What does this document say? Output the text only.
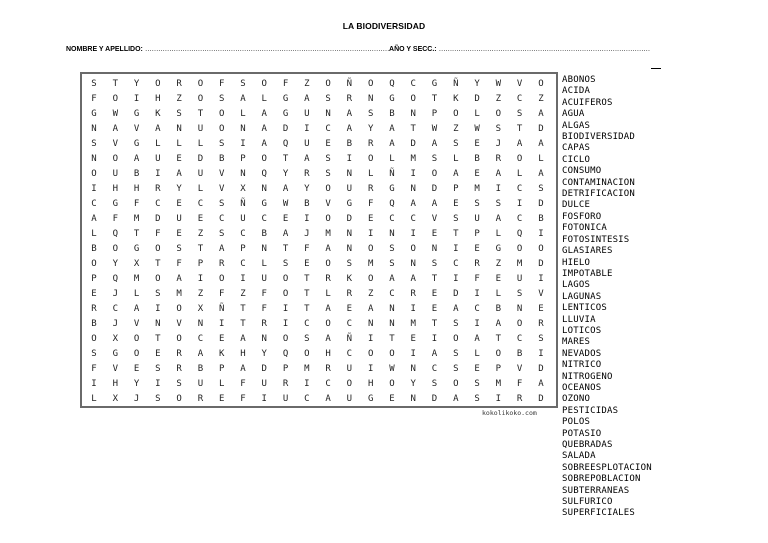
LA BIODIVERSIDAD
NOMBRE Y APELLIDO: …………………………………………………………………………………………………AÑO Y SECC.: ……………………………………………………………………………………
S	T	Y	O	R	O	F	S	O	F	Z	O	Ñ	O	Q	C	G	Ñ	Y	W	V	O
F	O	I	H	Z	O	S	A	L	G	A	S	R	N	G	O	T	K	D	Z	C	Z
G	W	G	K	S	T	O	L	A	G	U	N	A	S	B	N	P	O	L	O	S	A
N	A	V	A	N	U	O	N	A	D	I	C	A	Y	A	T	W	Z	W	S	T	D
S	V	G	L	L	L	S	I	A	Q	U	E	B	R	A	D	A	S	E	J	A	A
N	O	A	U	E	D	B	P	O	T	A	S	I	O	L	M	S	L	B	R	O	L
O	U	B	I	A	U	V	N	Q	Y	R	S	N	L	Ñ	I	O	A	E	A	L	A
I	H	H	R	Y	L	V	X	N	A	Y	O	U	R	G	N	D	P	M	I	C	S
C	G	F	C	E	C	S	Ñ	G	W	B	V	G	F	Q	A	A	E	S	S	I	D
A	F	M	D	U	E	C	U	C	E	I	O	D	E	C	C	V	S	U	A	C	B
L	Q	T	F	E	Z	S	C	B	A	J	M	N	I	N	I	E	T	P	L	Q	I
B	O	G	O	S	T	A	P	N	T	F	A	N	O	S	O	N	I	E	G	O	O
O	Y	X	T	F	P	R	C	L	S	E	O	S	M	S	N	S	C	R	Z	M	D
P	Q	M	O	A	I	O	I	U	O	T	R	K	O	A	A	T	I	F	E	U	I
E	J	L	S	M	Z	F	Z	F	O	T	L	R	Z	C	R	E	D	I	L	S	V
R	C	A	I	O	X	Ñ	T	F	I	T	A	E	A	N	I	E	A	C	B	N	E
B	J	V	N	V	N	I	T	R	I	C	O	C	N	N	M	T	S	I	A	O	R
O	X	O	T	O	C	E	A	N	O	S	A	Ñ	I	T	E	I	O	A	T	C	S
S	G	O	E	R	A	K	H	Y	Q	O	H	C	O	O	I	A	S	L	O	B	I
F	V	E	S	R	B	P	A	D	P	M	R	U	I	W	N	C	S	E	P	V	D
I	H	Y	I	S	U	L	F	U	R	I	C	O	H	O	Y	S	O	S	M	F	A
L	X	J	S	O	R	E	F	I	U	C	A	U	G	E	N	D	A	S	I	R	D
kokolikoko.com
ABONOS
ACIDA
ACUIFEROS
AGUA
ALGAS
BIODIVERSIDAD
CAPAS
CICLO
CONSUMO
CONTAMINACION
DETRIFICACION
DULCE
FOSFORO
FOTONICA
FOTOSINTESIS
GLASIARES
HIELO
IMPOTABLE
LAGOS
LAGUNAS
LENTICOS
LLUVIA
LOTICOS
MARES
NEVADOS
NITRICO
NITROGENO
OCEANOS
OZONO
PESTICIDAS
POLOS
POTASIO
QUEBRADAS
SALADA
SOBREESPLOTACION
SOBREPOBLACION
SUBTERRANEAS
SULFURICO
SUPERFICIALES
